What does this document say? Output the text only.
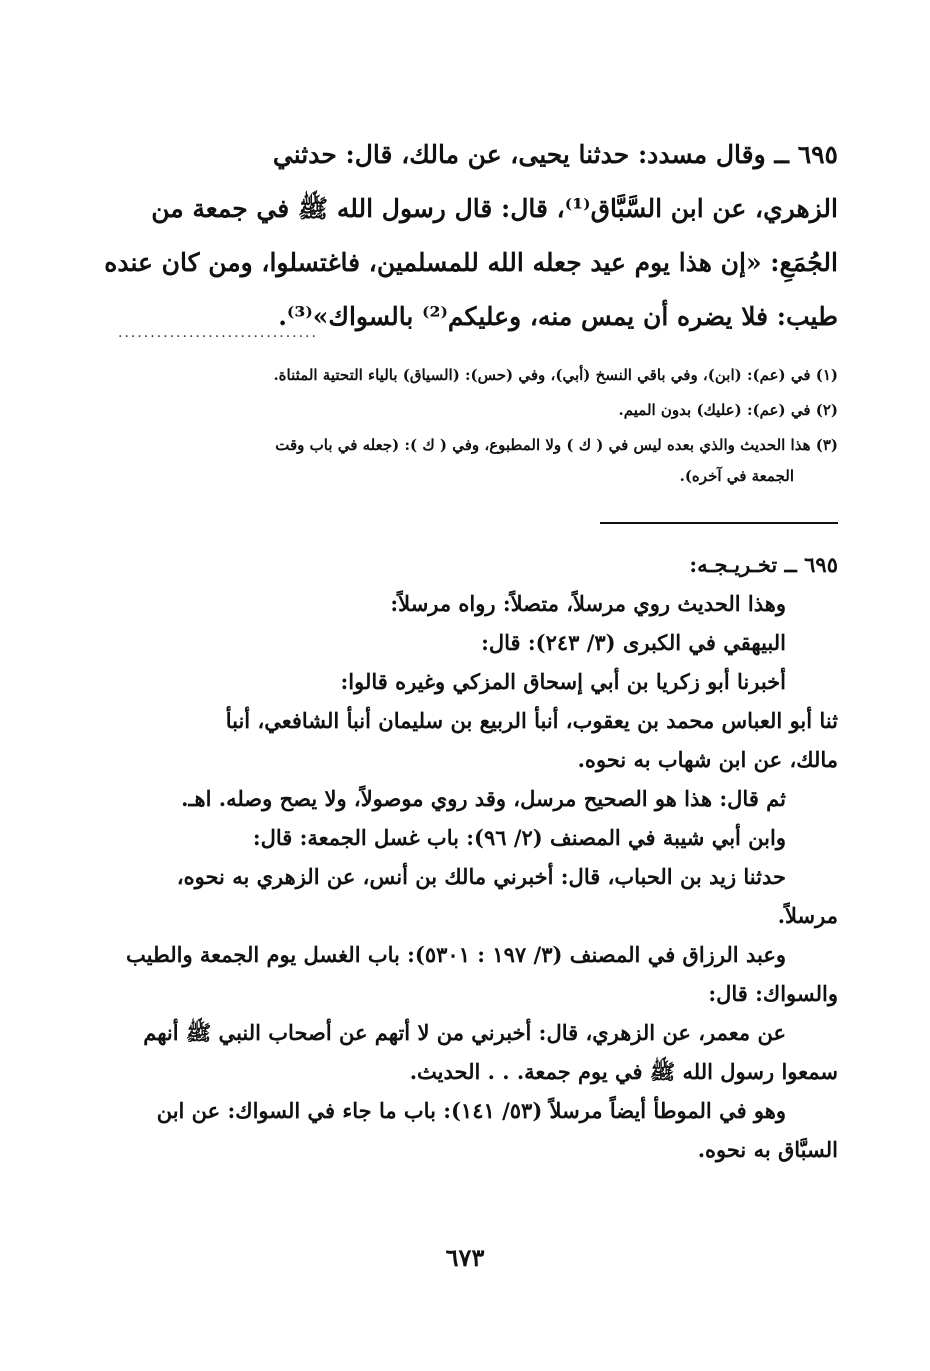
٦٩٥ ــ وقال مسدد: حدثنا يحيى، عن مالك، قال: حدثني
الزهري، عن ابن السَّبَّاق⁽¹⁾، قال: قال رسول الله ﷺ في جمعة من
الجُمَعِ: «إن هذا يوم عيد جعله الله للمسلمين، فاغتسلوا، ومن كان عنده
طيب: فلا يضره أن يمس منه، وعليكم⁽²⁾ بالسواك»⁽³⁾.
...............................
(١) في (عم): (ابن)، وفي باقي النسخ (أبي)، وفي (حس): (السياق) بالياء التحتية المثناة.
(٢) في (عم): (عليك) بدون الميم.
(٣) هذا الحديث والذي بعده ليس في ( ك ) ولا المطبوع، وفي ( ك ): (جعله في باب وقت
الجمعة في آخره).
٦٩٥ ــ تخـريـجـه:
وهذا الحديث روي مرسلاً، متصلاً: رواه مرسلاً:
البيهقي في الكبرى (٣/ ٢٤٣): قال:
أخبرنا أبو زكريا بن أبي إسحاق المزكي وغيره قالوا:
ثنا أبو العباس محمد بن يعقوب، أنبأ الربيع بن سليمان أنبأ الشافعي، أنبأ
مالك، عن ابن شهاب به نحوه.
ثم قال: هذا هو الصحيح مرسل، وقد روي موصولاً، ولا يصح وصله. اهـ.
وابن أبي شيبة في المصنف (٢/ ٩٦): باب غسل الجمعة: قال:
حدثنا زيد بن الحباب، قال: أخبرني مالك بن أنس، عن الزهري به نحوه،
مرسلاً.
وعبد الرزاق في المصنف (٣/ ١٩٧ : ٥٣٠١): باب الغسل يوم الجمعة والطيب
والسواك: قال:
عن معمر، عن الزهري، قال: أخبرني من لا أتهم عن أصحاب النبي ﷺ أنهم
سمعوا رسول الله ﷺ في يوم جمعة. . . الحديث.
وهو في الموطأ أيضاً مرسلاً (٥٣/ ١٤١): باب ما جاء في السواك: عن ابن
السبَّاق به نحوه.
٦٧٣
